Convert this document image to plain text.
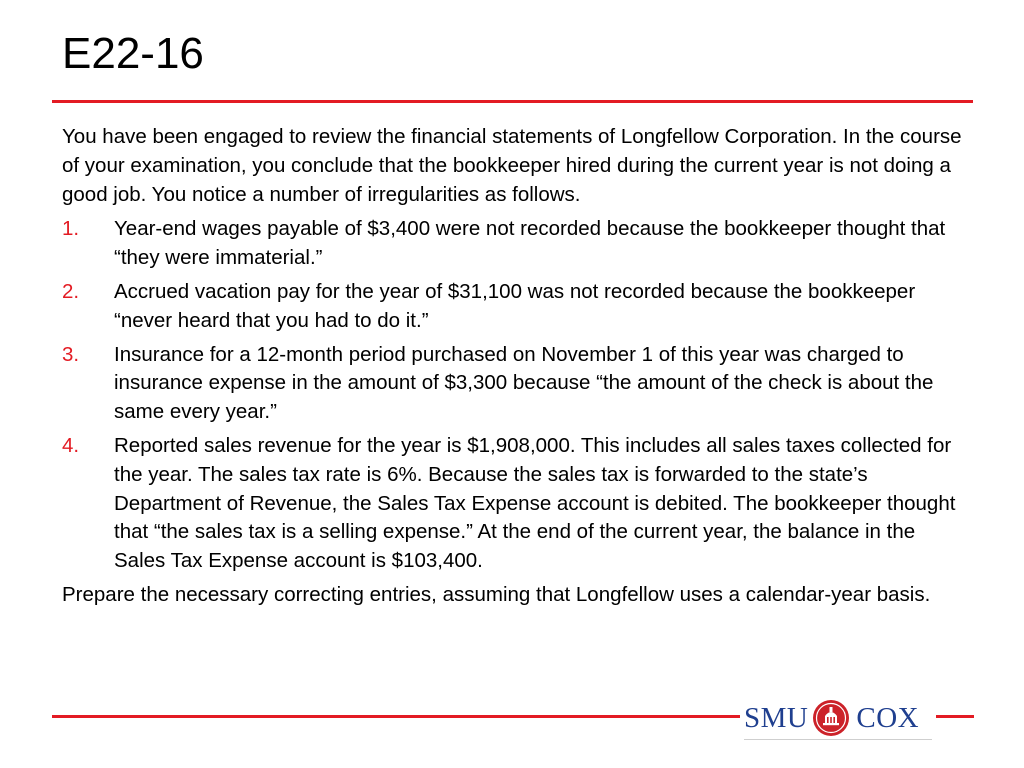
E22-16

You have been engaged to review the financial statements of Longfellow Corporation. In the course of your examination, you conclude that the bookkeeper hired during the current year is not doing a good job. You notice a number of irregularities as follows.

1.	Year-end wages payable of $3,400 were not recorded because the bookkeeper thought that “they were immaterial.”
2.	Accrued vacation pay for the year of $31,100 was not recorded because the bookkeeper “never heard that you had to do it.”
3.	Insurance for a 12-month period purchased on November 1 of this year was charged to insurance expense in the amount of $3,300 because “the amount of the check is about the same every year.”
4.	Reported sales revenue for the year is $1,908,000. This includes all sales taxes collected for the year. The sales tax rate is 6%. Because the sales tax is forwarded to the state’s Department of Revenue, the Sales Tax Expense account is debited. The bookkeeper thought that “the sales tax is a selling expense.” At the end of the current year, the balance in the Sales Tax Expense account is $103,400.

Prepare the necessary correcting entries, assuming that Longfellow uses a calendar-year basis.

SMU COX
